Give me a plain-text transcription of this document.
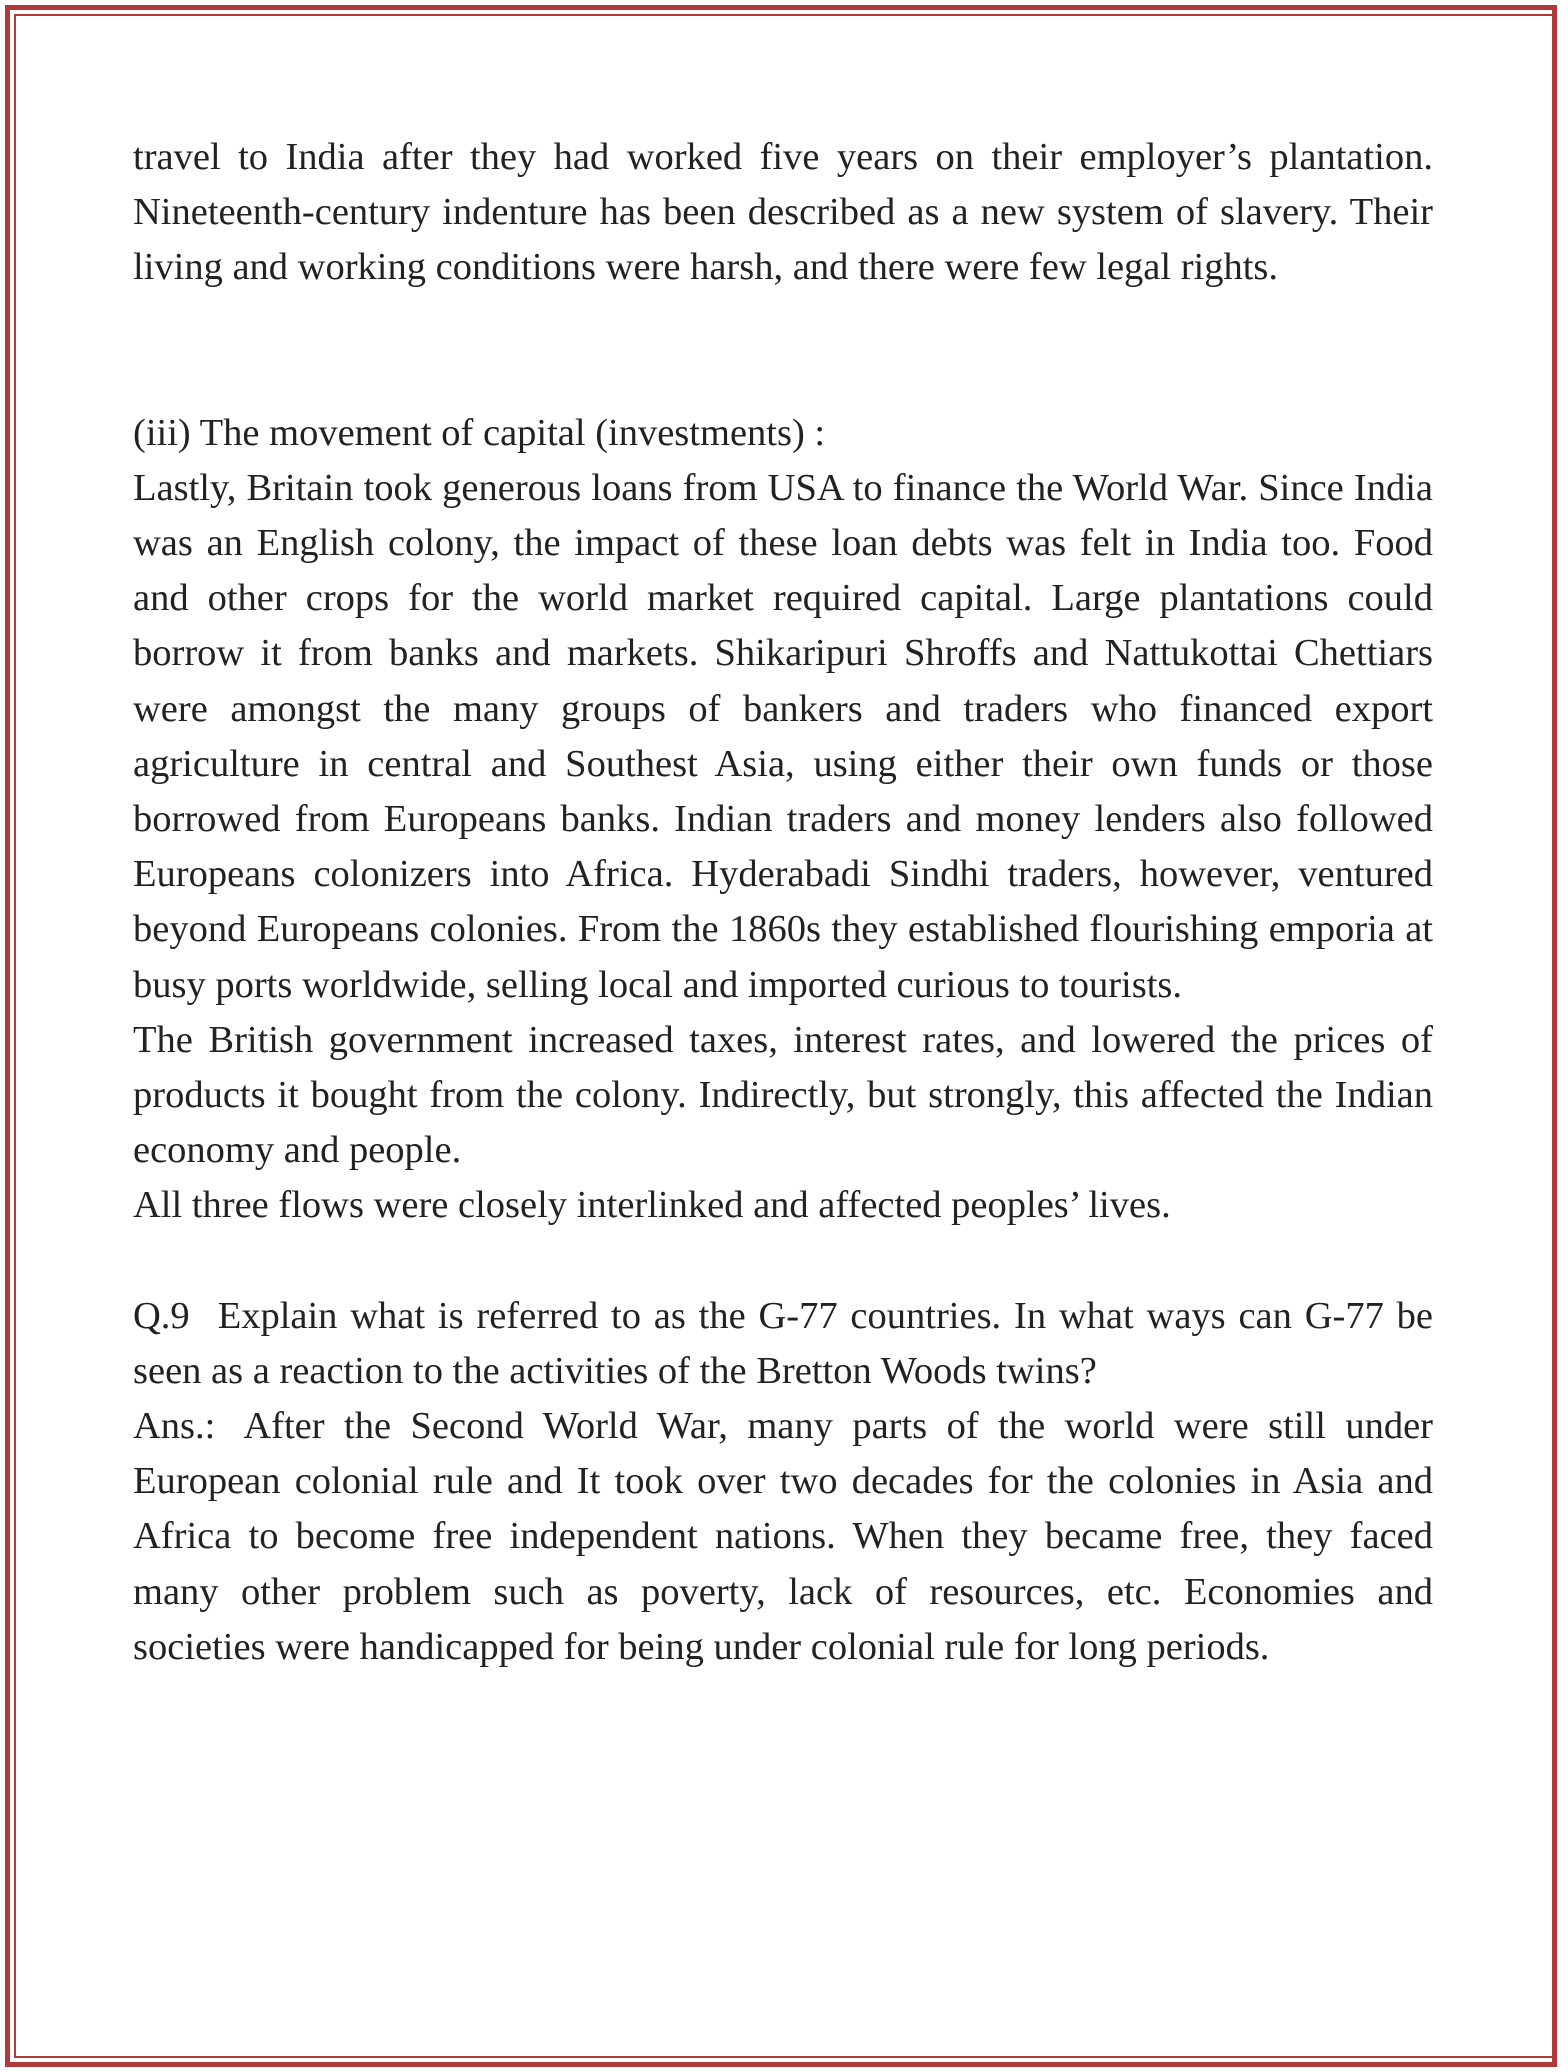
travel to India after they had worked five years on their employer’s plantation. Nineteenth-century indenture has been described as a new system of slavery. Their living and working conditions were harsh, and there were few legal rights.

(iii) The movement of capital (investments) :

Lastly, Britain took generous loans from USA to finance the World War. Since India was an English colony, the impact of these loan debts was felt in India too. Food and other crops for the world market required capital. Large plantations could borrow it from banks and markets. Shikaripuri Shroffs and Nattukottai Chettiars were amongst the many groups of bankers and traders who financed export agriculture in central and Southest Asia, using either their own funds or those borrowed from Europeans banks. Indian traders and money lenders also followed Europeans colonizers into Africa. Hyderabadi Sindhi traders, however, ventured beyond Europeans colonies. From the 1860s they established flourishing emporia at busy ports worldwide, selling local and imported curious to tourists.

The British government increased taxes, interest rates, and lowered the prices of products it bought from the colony. Indirectly, but strongly, this affected the Indian economy and people.

All three flows were closely interlinked and affected peoples’ lives.

Q.9 Explain what is referred to as the G-77 countries. In what ways can G-77 be seen as a reaction to the activities of the Bretton Woods twins?

Ans.: After the Second World War, many parts of the world were still under European colonial rule and It took over two decades for the colonies in Asia and Africa to become free independent nations. When they became free, they faced many other problem such as poverty, lack of resources, etc. Economies and societies were handicapped for being under colonial rule for long periods.
